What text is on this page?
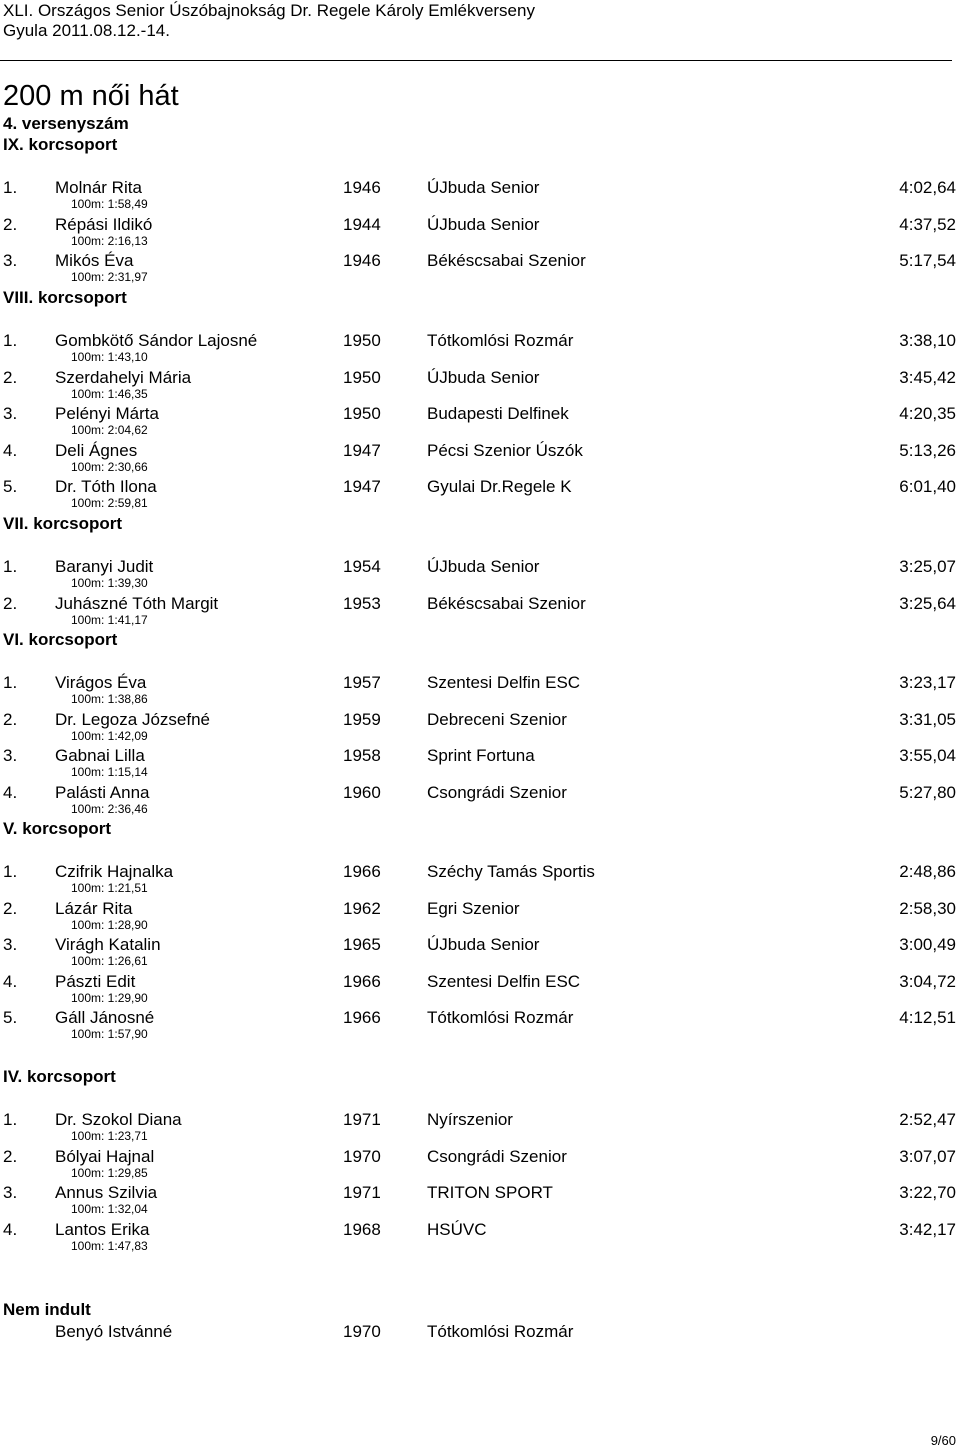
XLI. Országos Senior Úszóbajnokság Dr. Regele Károly Emlékverseny
Gyula 2011.08.12.-14.
200 m női hát
4. versenyszám
IX. korcsoport
1. Molnár Rita	1946	ÚJbuda Senior	4:02,64
100m: 1:58,49
2. Répási Ildikó	1944	ÚJbuda Senior	4:37,52
100m: 2:16,13
3. Mikós Éva	1946	Békéscsabai Szenior	5:17,54
100m: 2:31,97
VIII. korcsoport
1. Gombkötő Sándor Lajosné	1950	Tótkomlósi Rozmár	3:38,10
100m: 1:43,10
2. Szerdahelyi Mária	1950	ÚJbuda Senior	3:45,42
100m: 1:46,35
3. Pelényi Márta	1950	Budapesti Delfinek	4:20,35
100m: 2:04,62
4. Deli Ágnes	1947	Pécsi Szenior Úszók	5:13,26
100m: 2:30,66
5. Dr. Tóth Ilona	1947	Gyulai Dr.Regele K	6:01,40
100m: 2:59,81
VII. korcsoport
1. Baranyi Judit	1954	ÚJbuda Senior	3:25,07
100m: 1:39,30
2. Juhászné Tóth Margit	1953	Békéscsabai Szenior	3:25,64
100m: 1:41,17
VI. korcsoport
1. Virágos Éva	1957	Szentesi Delfin ESC	3:23,17
100m: 1:38,86
2. Dr. Legoza Józsefné	1959	Debreceni Szenior	3:31,05
100m: 1:42,09
3. Gabnai Lilla	1958	Sprint Fortuna	3:55,04
100m: 1:15,14
4. Palásti Anna	1960	Csongrádi Szenior	5:27,80
100m: 2:36,46
V. korcsoport
1. Czifrik Hajnalka	1966	Széchy Tamás Sportis	2:48,86
100m: 1:21,51
2. Lázár Rita	1962	Egri Szenior	2:58,30
100m: 1:28,90
3. Virágh Katalin	1965	ÚJbuda Senior	3:00,49
100m: 1:26,61
4. Pászti Edit	1966	Szentesi Delfin ESC	3:04,72
100m: 1:29,90
5. Gáll Jánosné	1966	Tótkomlósi Rozmár	4:12,51
100m: 1:57,90
IV. korcsoport
1. Dr. Szokol Diana	1971	Nyírszenior	2:52,47
100m: 1:23,71
2. Bólyai Hajnal	1970	Csongrádi Szenior	3:07,07
100m: 1:29,85
3. Annus Szilvia	1971	TRITON SPORT	3:22,70
100m: 1:32,04
4. Lantos Erika	1968	HSÚVC	3:42,17
100m: 1:47,83
Nem indult
Benyó Istvánné	1970	Tótkomlósi Rozmár
9/60
